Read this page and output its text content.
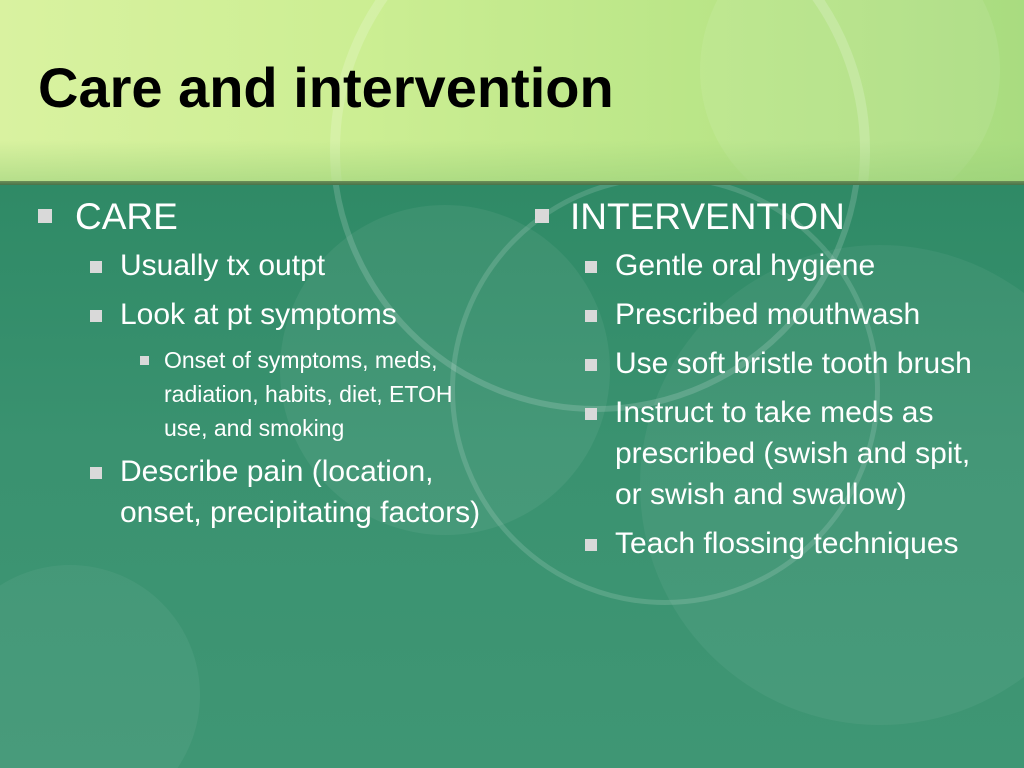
Care and intervention
CARE
Usually tx outpt
Look at pt symptoms
Onset of symptoms, meds, radiation, habits, diet, ETOH use, and smoking
Describe pain (location, onset, precipitating factors)
INTERVENTION
Gentle oral hygiene
Prescribed mouthwash
Use soft bristle tooth brush
Instruct to take meds as prescribed (swish and spit, or swish and swallow)
Teach flossing techniques
